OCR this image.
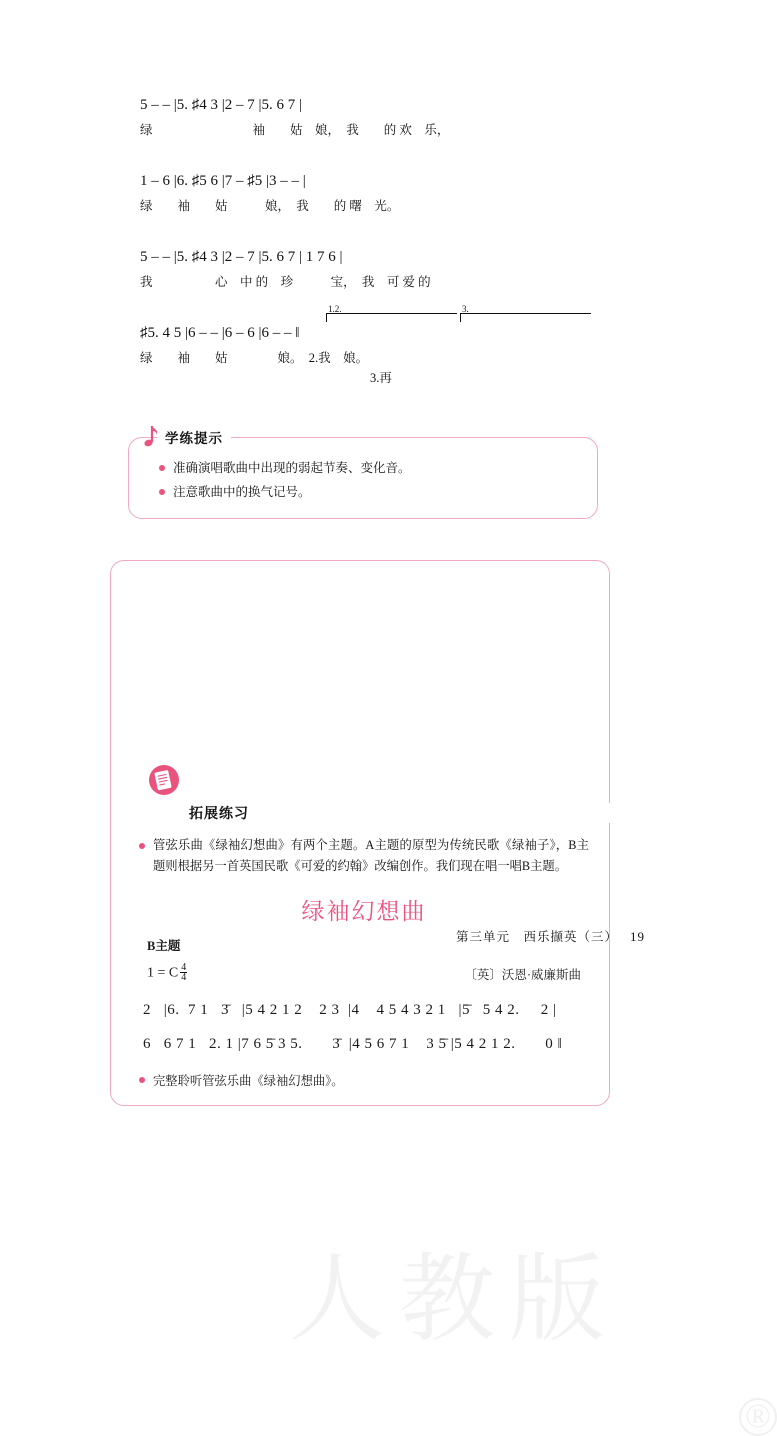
5 – – |5. ♯4 3 |2 – 7 |5. 6 7 |
绿　　　　　　　　袖　　姑　娘，　我　　的 欢　乐，
1 – 6 |6. ♯5 6 |7 – ♯5 |3 – – |
绿　　袖　　姑　　　娘，　我　　的 曙　光。
5 – – |5. ♯4 3 |2 – 7 |5. 6 7 | 1 7 6 |
我　　　　　心　中 的　珍　　　宝，　我　可 爱 的
1.2.	3.
♯5. 4 5 |6 – – |6 – 6 |6 – – ‖
绿　　袖　　姑　　　　娘。　2.我　娘。
3.再
学练提示
准确演唱歌曲中出现的弱起节奏、变化音。
注意歌曲中的换气记号。
人教版
®
拓展练习
管弦乐曲《绿袖幻想曲》有两个主题。A主题的原型为传统民歌《绿袖子》，B主题则根据另一首英国民歌《可爱的约翰》改编创作。我们现在唱一唱B主题。
绿袖幻想曲
B主题
1 = C $\frac{4}{4}$	〔英〕沃恩·威廉斯曲
2   |6.  7 1   3̄   |5 4 2 1 2    2 3  |4    4 5 4 3 2 1   |5̄   5 4 2.     2 |
6   6 7 1   2. 1 |7 6 5̄ 3 5.       3̄  |4 5 6 7 1    3 5̄ |5 4 2 1 2.       0 ‖
完整聆听管弦乐曲《绿袖幻想曲》。
第三单元　西乐撷英（三） 19
